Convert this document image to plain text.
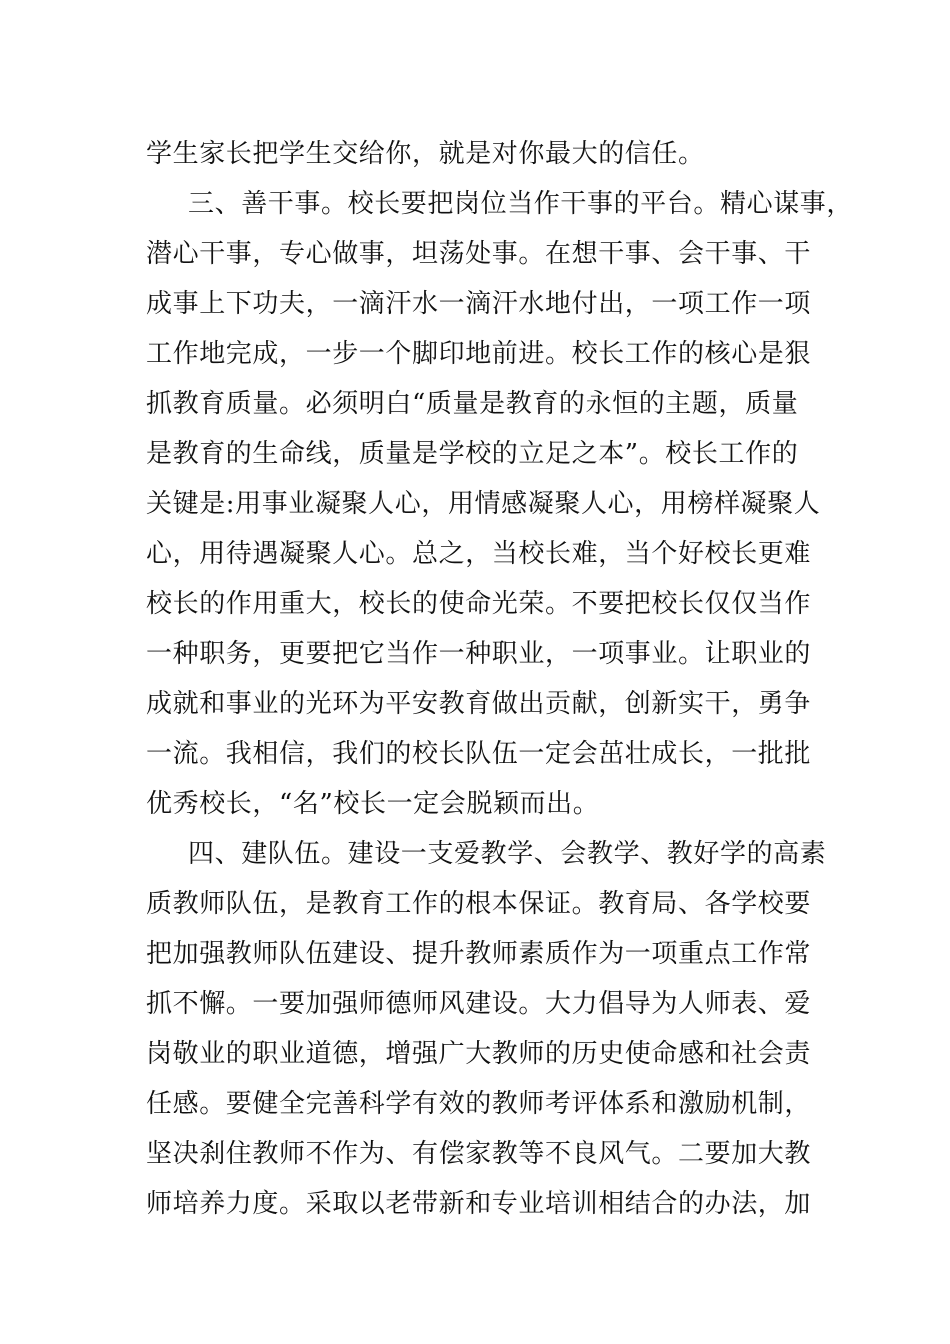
学生家长把学生交给你，就是对你最大的信任。
三、善干事。校长要把岗位当作干事的平台。精心谋事，
潜心干事，专心做事，坦荡处事。在想干事、会干事、干
成事上下功夫，一滴汗水一滴汗水地付出，一项工作一项
工作地完成，一步一个脚印地前进。校长工作的核心是狠
抓教育质量。必须明白“质量是教育的永恒的主题，质量
是教育的生命线，质量是学校的立足之本”。校长工作的
关键是:用事业凝聚人心，用情感凝聚人心，用榜样凝聚人
心，用待遇凝聚人心。总之，当校长难，当个好校长更难
校长的作用重大，校长的使命光荣。不要把校长仅仅当作
一种职务，更要把它当作一种职业，一项事业。让职业的
成就和事业的光环为平安教育做出贡献，创新实干，勇争
一流。我相信，我们的校长队伍一定会茁壮成长，一批批
优秀校长，“名”校长一定会脱颖而出。
四、建队伍。建设一支爱教学、会教学、教好学的高素
质教师队伍，是教育工作的根本保证。教育局、各学校要
把加强教师队伍建设、提升教师素质作为一项重点工作常
抓不懈。一要加强师德师风建设。大力倡导为人师表、爱
岗敬业的职业道德，增强广大教师的历史使命感和社会责
任感。要健全完善科学有效的教师考评体系和激励机制，
坚决刹住教师不作为、有偿家教等不良风气。二要加大教
师培养力度。采取以老带新和专业培训相结合的办法，加
